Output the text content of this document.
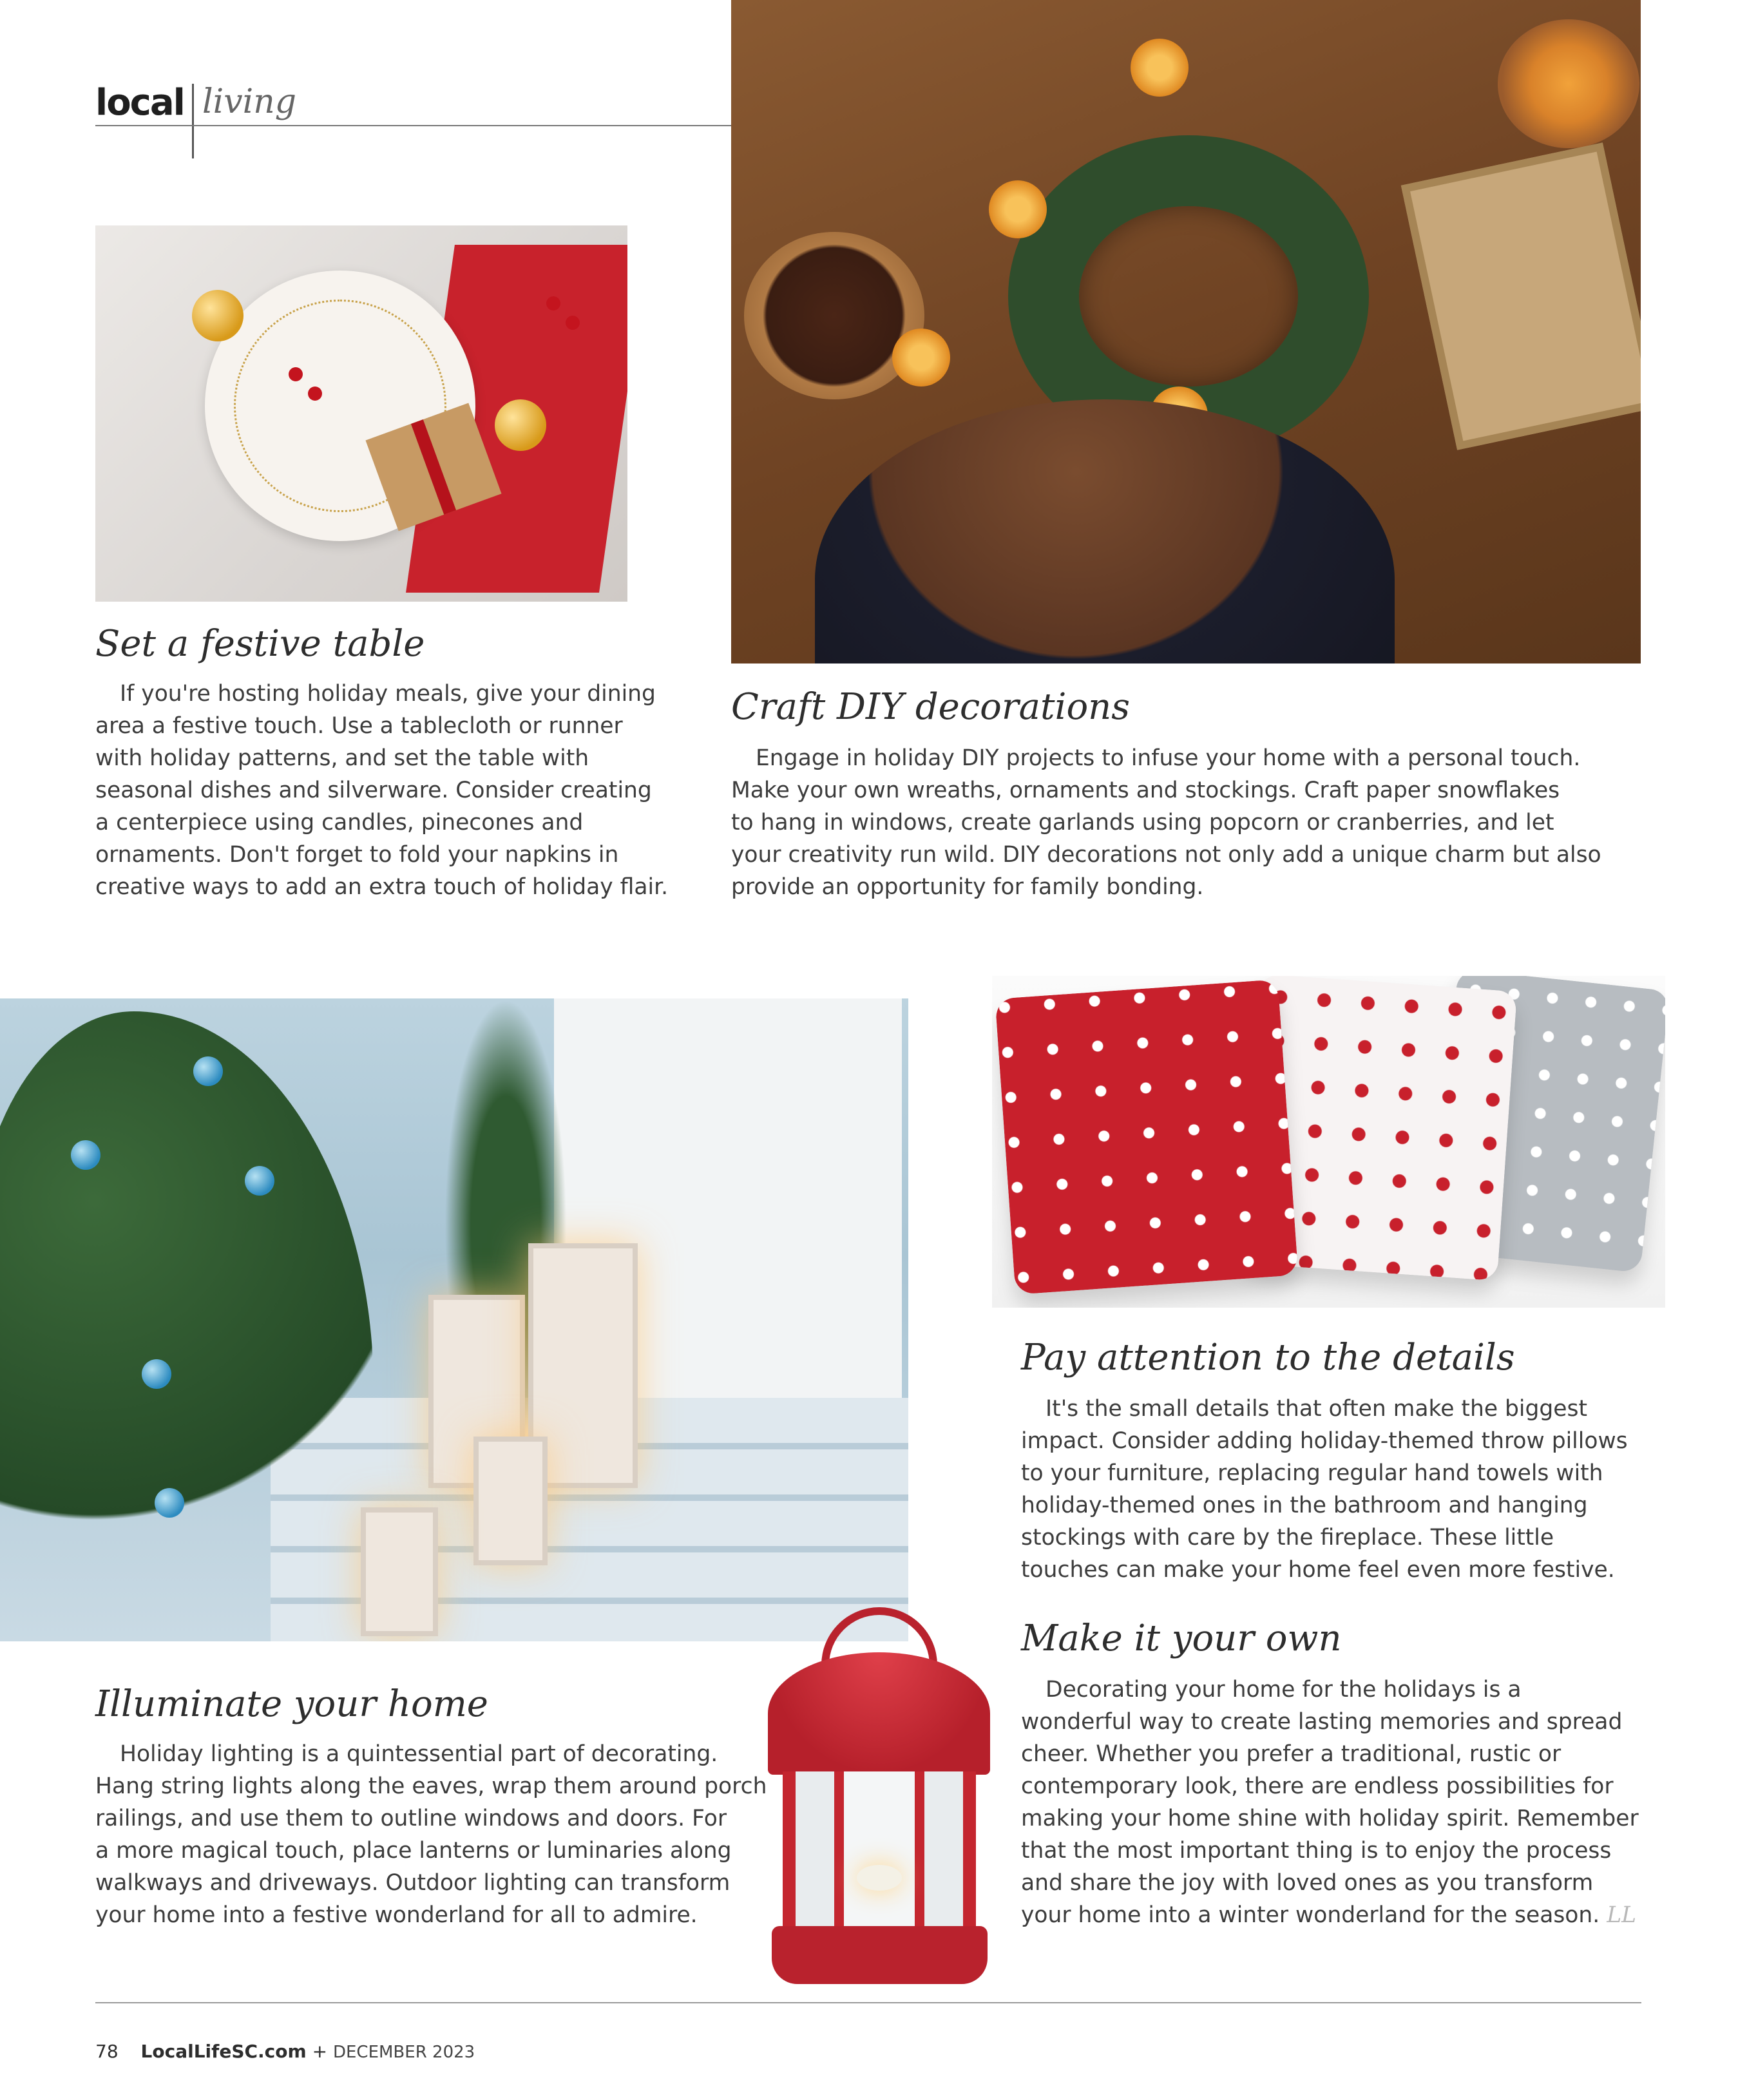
local living
Set a festive table
If you're hosting holiday meals, give your dining
area a festive touch. Use a tablecloth or runner
with holiday patterns, and set the table with
seasonal dishes and silverware. Consider creating
a centerpiece using candles, pinecones and
ornaments. Don't forget to fold your napkins in
creative ways to add an extra touch of holiday flair.
Craft DIY decorations
Engage in holiday DIY projects to infuse your home with a personal touch.
Make your own wreaths, ornaments and stockings. Craft paper snowflakes
to hang in windows, create garlands using popcorn or cranberries, and let
your creativity run wild. DIY decorations not only add a unique charm but also
provide an opportunity for family bonding.
Pay attention to the details
It's the small details that often make the biggest
impact. Consider adding holiday-themed throw pillows
to your furniture, replacing regular hand towels with
holiday-themed ones in the bathroom and hanging
stockings with care by the fireplace. These little
touches can make your home feel even more festive.
Make it your own
Decorating your home for the holidays is a
wonderful way to create lasting memories and spread
cheer. Whether you prefer a traditional, rustic or
contemporary look, there are endless possibilities for
making your home shine with holiday spirit. Remember
that the most important thing is to enjoy the process
and share the joy with loved ones as you transform
your home into a winter wonderland for the season. LL
Illuminate your home
Holiday lighting is a quintessential part of decorating.
Hang string lights along the eaves, wrap them around porch
railings, and use them to outline windows and doors. For
a more magical touch, place lanterns or luminaries along
walkways and driveways. Outdoor lighting can transform
your home into a festive wonderland for all to admire.
78 LocalLifeSC.com + DECEMBER 2023
